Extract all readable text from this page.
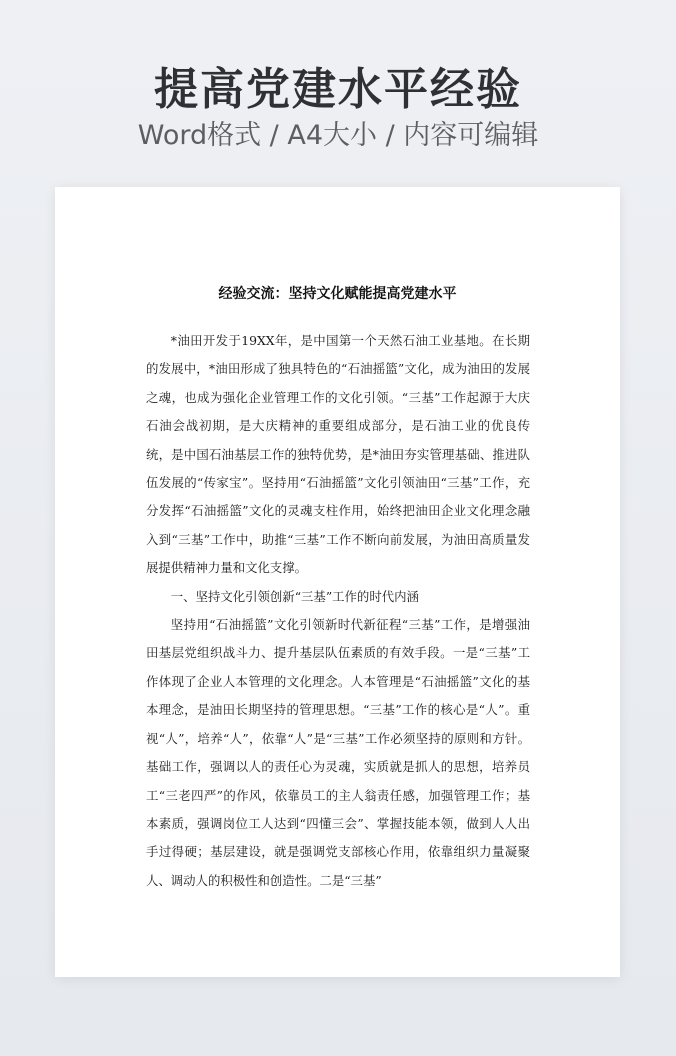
提高党建水平经验
Word格式 / A4大小 / 内容可编辑
经验交流：坚持文化赋能提高党建水平

*油田开发于19XX年，是中国第一个天然石油工业基地。在长期的发展中，*油田形成了独具特色的“石油摇篮”文化，成为油田的发展之魂，也成为强化企业管理工作的文化引领。“三基”工作起源于大庆石油会战初期，是大庆精神的重要组成部分，是石油工业的优良传统，是中国石油基层工作的独特优势，是*油田夯实管理基础、推进队伍发展的“传家宝”。坚持用“石油摇篮”文化引领油田“三基”工作，充分发挥“石油摇篮”文化的灵魂支柱作用，始终把油田企业文化理念融入到“三基”工作中，助推“三基”工作不断向前发展，为油田高质量发展提供精神力量和文化支撑。

一、坚持文化引领创新“三基”工作的时代内涵

坚持用“石油摇篮”文化引领新时代新征程“三基”工作，是增强油田基层党组织战斗力、提升基层队伍素质的有效手段。一是“三基”工作体现了企业人本管理的文化理念。人本管理是“石油摇篮”文化的基本理念，是油田长期坚持的管理思想。“三基”工作的核心是“人”。重视“人”，培养“人”，依靠“人”是“三基”工作必须坚持的原则和方针。基础工作，强调以人的责任心为灵魂，实质就是抓人的思想，培养员工“三老四严”的作风，依靠员工的主人翁责任感，加强管理工作；基本素质，强调岗位工人达到“四懂三会”、掌握技能本领，做到人人出手过得硬；基层建设，就是强调党支部核心作用，依靠组织力量凝聚人、调动人的积极性和创造性。二是“三基”
